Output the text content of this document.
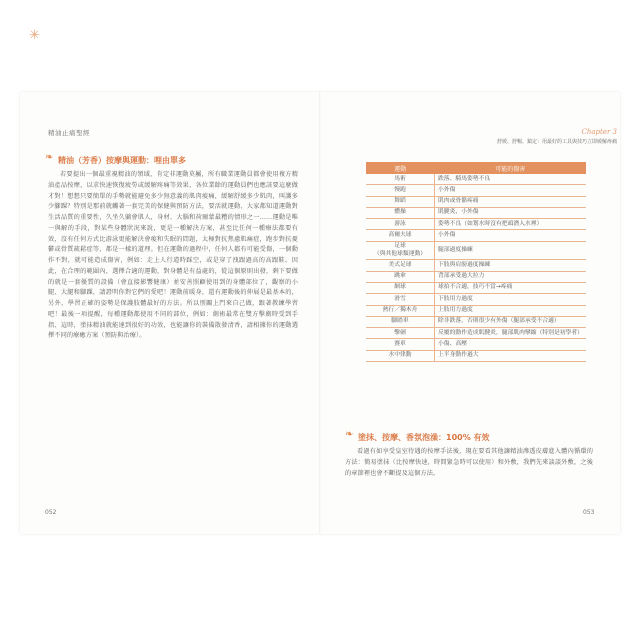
✳
精油止痛聖經	Chapter 3
舒緩、舒暢、鎮定：用最好的工具與技巧立即緩解疼痛
❧ 精油（芳香）按摩與運動：哩由單多
若要提出一個最重視精油的領域，肯定非運動莫屬，所有職業運動員都會使用複方精油產品按摩，以求快速恢復疲勞或緩解疼痛等效果，各位業餘的運動員們也應該要這麼做才對！想想只要簡單的手勢就能避免多少無意義的肌肉痠痛，緩解舒緩多少肌肉，叫護多少腳踝？特別是那前就觸著一套完美的保健與預防方法，要活就運動、大家都知道運動對生活品質的重要性，久坐久躺會肌人，身材、大腦和荷爾蒙最糟的情形之一……運動是唯一與解的手段，對某些身體狀況來說，更是一種解決方案，甚至比任何一種療法都要有效，沒有任何方式比游泳更能解決會痠和失眠的問題，太極對抗焦慮肌痛症，跑步對抗憂鬱或骨質疏鬆症等，都是一樣的道理。但在運動的過程中，任何人都有可能受傷，一個動作不對，就可能造成傷害，例如：走上人行道時踩空，或是穿了洩跟過高的高跟鞋。因此，在合理的範圍內，選擇合適的運動，對身體是有益處的，從這個原則出發，剩下要做的就是一套優質的設備（會直接影響健康）並安善照顧使用到的身體部位了，觀察的小腿、大腿和腳踝，請證明你對它們的愛吧！運動前暖身，還有運動後的伸展是最基本的，另外，學習正確的姿勢是保護肢體最好的方法。所以別關上門來自己做，跟著教練學習吧！最後一項提醒，每種運動都使用不同的部位，例如：劍術最常在雙方擊劍時受到手指、這時，塗抹精油就能達到很好的功效，也能讓你的裝備散發清香，請相據你的運動選擇不同的療癒方案（預防與治療）。
052
運動	可能的傷害
馬術	跌落、騎馬姿勢不良
慢跑	小外傷
舞蹈	肌肉或骨骼疼痛
體操	肌腱炎、小外傷
游泳	姿勢不良（如划水時沒有把頭潛入水裡）
高爾夫球	小外傷
足球
（與其他球類運動）	腿部過度操練
美式足球	下肢與肩膀過度操練
跳傘	背部承受過大拉力
網球	球拍不合適，技巧不當→疼痛
滑雪	下肢用力過度
熱行／獨木舟	上肢用力過度
腳踏車	除非跌落，否則很少有外傷（腿部承受不合適）
擊劍	反覆的動作造成肌腱炎，腿部肌肉攣縮（特別是初學者）
賽車	小傷、高壓
水中律動	上半身動作過大
❧ 塗抹、按摩、香氛泡澡：100% 有效
看過有如享受皇室待遇的按摩手法後，現在要看其他讓精油滲透皮膚進入體內循環的方法：簡易塗抹（比按摩快速，時間緊急時可以使用）和外敷，我們先來談談外敷，之後的章節裡也會不斷提及這個方法。
053
